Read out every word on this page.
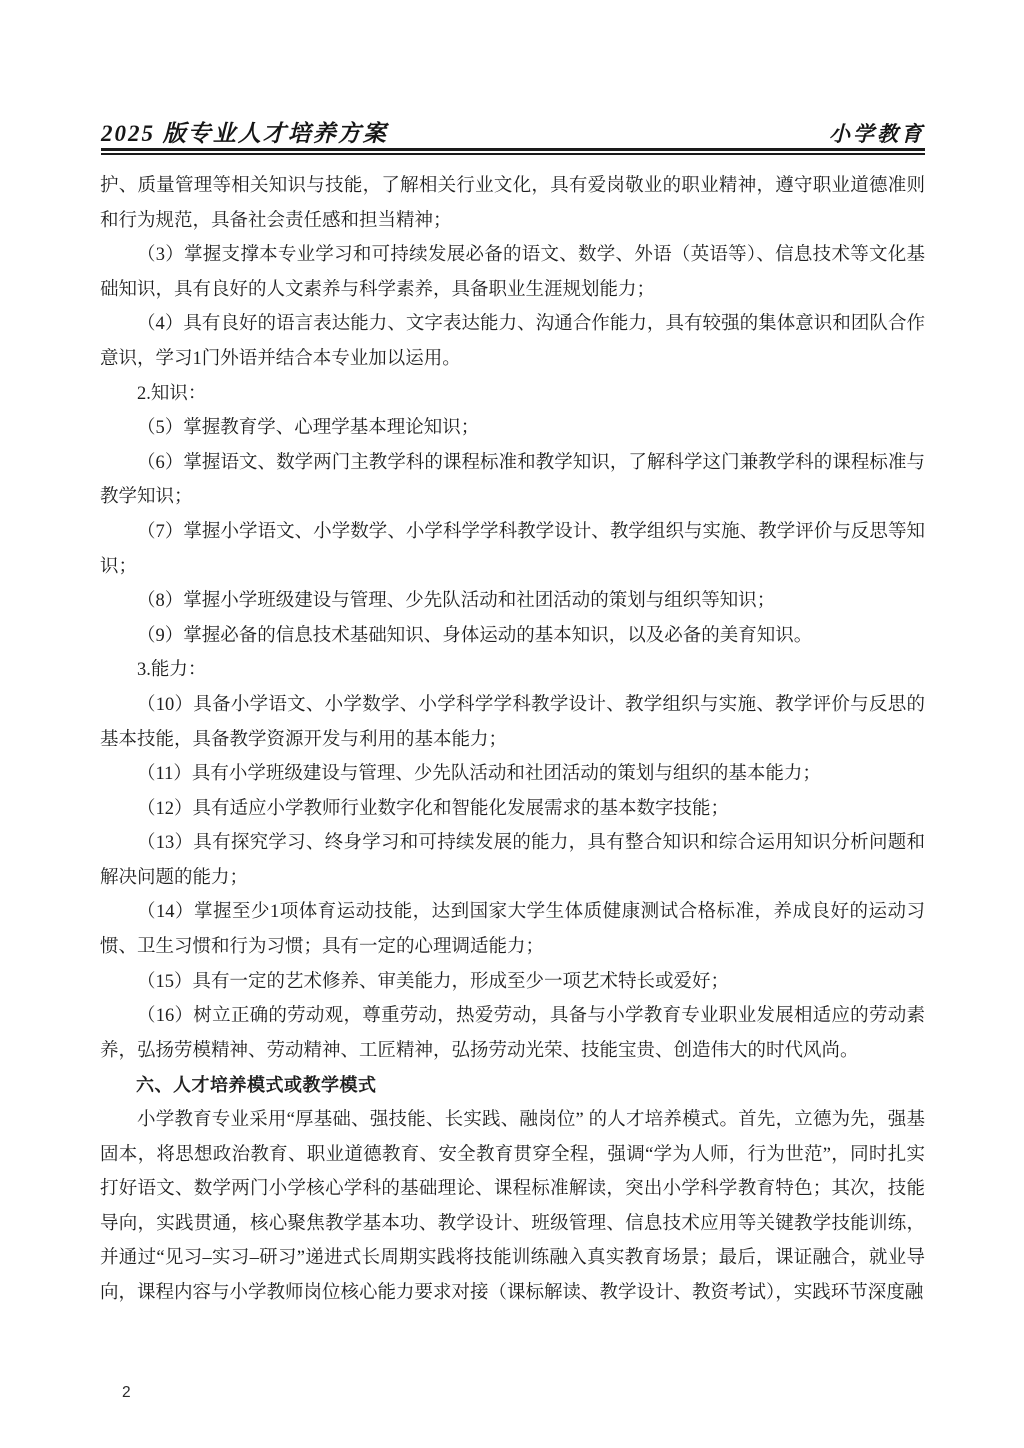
2025 版专业人才培养方案	小学教育

护、质量管理等相关知识与技能，了解相关行业文化，具有爱岗敬业的职业精神，遵守职业道德准则和行为规范，具备社会责任感和担当精神；

（3）掌握支撑本专业学习和可持续发展必备的语文、数学、外语（英语等）、信息技术等文化基础知识，具有良好的人文素养与科学素养，具备职业生涯规划能力；

（4）具有良好的语言表达能力、文字表达能力、沟通合作能力，具有较强的集体意识和团队合作意识，学习1门外语并结合本专业加以运用。

2.知识：

（5）掌握教育学、心理学基本理论知识；

（6）掌握语文、数学两门主教学科的课程标准和教学知识，了解科学这门兼教学科的课程标准与教学知识；

（7）掌握小学语文、小学数学、小学科学学科教学设计、教学组织与实施、教学评价与反思等知识；

（8）掌握小学班级建设与管理、少先队活动和社团活动的策划与组织等知识；

（9）掌握必备的信息技术基础知识、身体运动的基本知识，以及必备的美育知识。

3.能力：

（10）具备小学语文、小学数学、小学科学学科教学设计、教学组织与实施、教学评价与反思的基本技能，具备教学资源开发与利用的基本能力；

（11）具有小学班级建设与管理、少先队活动和社团活动的策划与组织的基本能力；

（12）具有适应小学教师行业数字化和智能化发展需求的基本数字技能；

（13）具有探究学习、终身学习和可持续发展的能力，具有整合知识和综合运用知识分析问题和解决问题的能力；

（14）掌握至少1项体育运动技能，达到国家大学生体质健康测试合格标准，养成良好的运动习惯、卫生习惯和行为习惯；具有一定的心理调适能力；

（15）具有一定的艺术修养、审美能力，形成至少一项艺术特长或爱好；

（16）树立正确的劳动观，尊重劳动，热爱劳动，具备与小学教育专业职业发展相适应的劳动素养，弘扬劳模精神、劳动精神、工匠精神，弘扬劳动光荣、技能宝贵、创造伟大的时代风尚。

六、人才培养模式或教学模式

小学教育专业采用“厚基础、强技能、长实践、融岗位” 的人才培养模式。首先，立德为先，强基固本，将思想政治教育、职业道德教育、安全教育贯穿全程，强调“学为人师，行为世范”，同时扎实打好语文、数学两门小学核心学科的基础理论、课程标准解读，突出小学科学教育特色；其次，技能导向，实践贯通，核心聚焦教学基本功、教学设计、班级管理、信息技术应用等关键教学技能训练，并通过“见习–实习–研习”递进式长周期实践将技能训练融入真实教育场景；最后，课证融合，就业导向，课程内容与小学教师岗位核心能力要求对接（课标解读、教学设计、教资考试），实践环节深度融

2
